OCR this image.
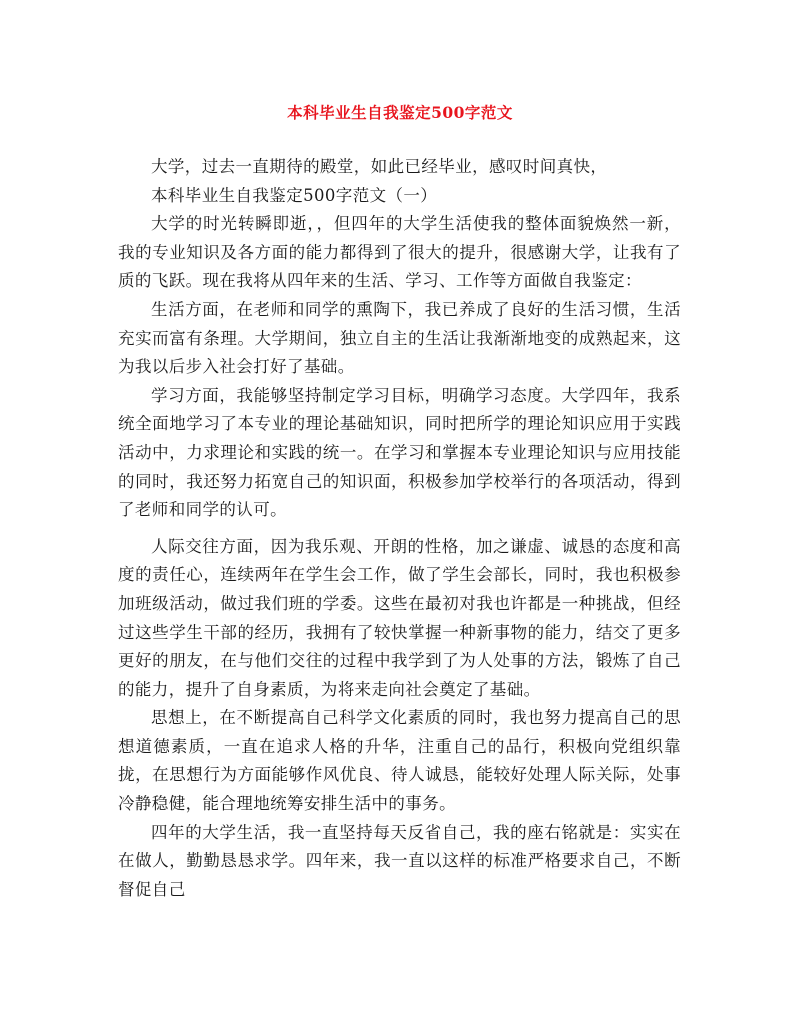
本科毕业生自我鉴定500字范文

大学，过去一直期待的殿堂，如此已经毕业，感叹时间真快，

本科毕业生自我鉴定500字范文（一）

大学的时光转瞬即逝，，但四年的大学生活使我的整体面貌焕然一新，我的专业知识及各方面的能力都得到了很大的提升，很感谢大学，让我有了质的飞跃。现在我将从四年来的生活、学习、工作等方面做自我鉴定：

生活方面，在老师和同学的熏陶下，我已养成了良好的生活习惯，生活充实而富有条理。大学期间，独立自主的生活让我渐渐地变的成熟起来，这为我以后步入社会打好了基础。

学习方面，我能够坚持制定学习目标，明确学习态度。大学四年，我系统全面地学习了本专业的理论基础知识，同时把所学的理论知识应用于实践活动中，力求理论和实践的统一。在学习和掌握本专业理论知识与应用技能的同时，我还努力拓宽自己的知识面，积极参加学校举行的各项活动，得到了老师和同学的认可。

人际交往方面，因为我乐观、开朗的性格，加之谦虚、诚恳的态度和高度的责任心，连续两年在学生会工作，做了学生会部长，同时，我也积极参加班级活动，做过我们班的学委。这些在最初对我也许都是一种挑战，但经过这些学生干部的经历，我拥有了较快掌握一种新事物的能力，结交了更多更好的朋友，在与他们交往的过程中我学到了为人处事的方法，锻炼了自己的能力，提升了自身素质，为将来走向社会奠定了基础。

思想上，在不断提高自己科学文化素质的同时，我也努力提高自己的思想道德素质，一直在追求人格的升华，注重自己的品行，积极向党组织靠拢，在思想行为方面能够作风优良、待人诚恳，能较好处理人际关际，处事冷静稳健，能合理地统筹安排生活中的事务。

四年的大学生活，我一直坚持每天反省自己，我的座右铭就是：实实在在做人，勤勤恳恳求学。四年来，我一直以这样的标准严格要求自己，不断督促自己
